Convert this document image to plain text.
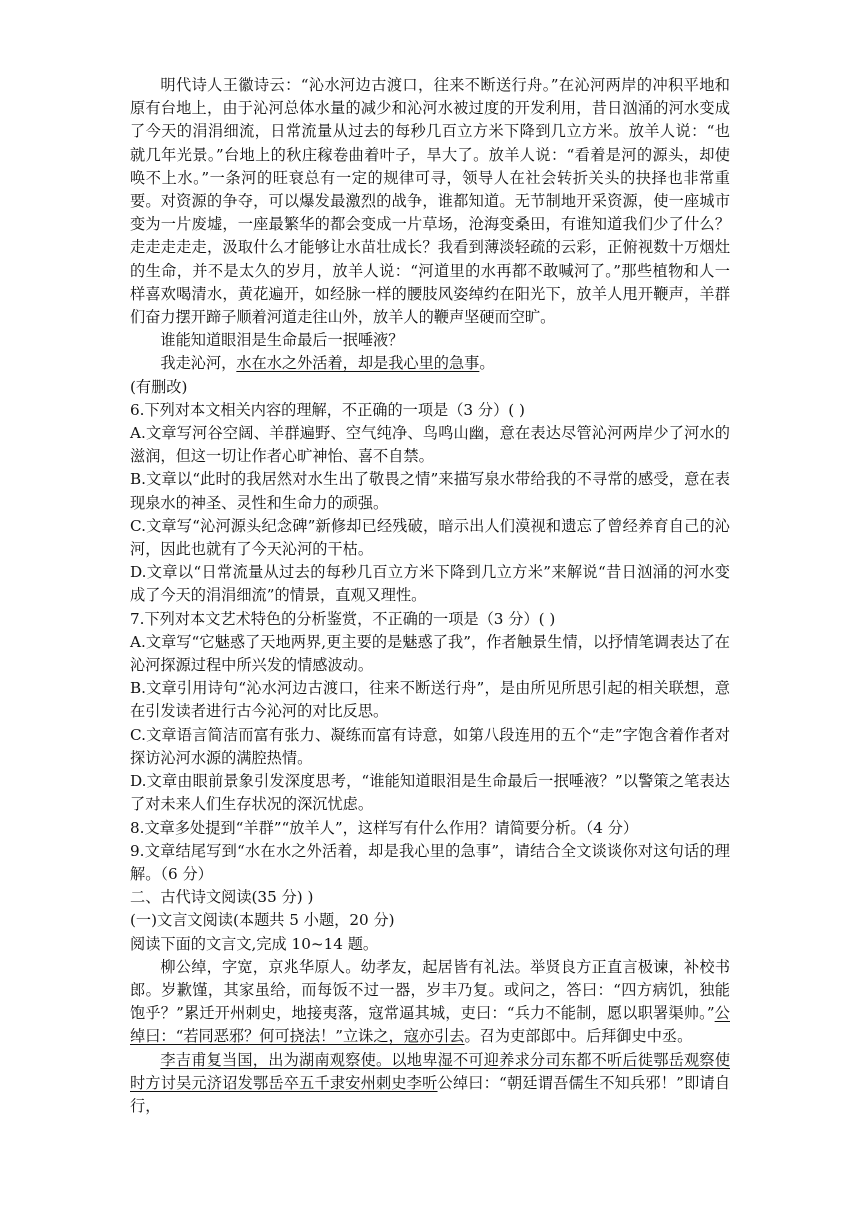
明代诗人王徽诗云：“沁水河边古渡口，往来不断送行舟。”在沁河两岸的冲积平地和原有台地上，由于沁河总体水量的减少和沁河水被过度的开发利用，昔日汹涌的河水变成了今天的涓涓细流，日常流量从过去的每秒几百立方米下降到几立方米。放羊人说：“也就几年光景。”台地上的秋庄稼卷曲着叶子，旱大了。放羊人说：“看着是河的源头，却使唤不上水。”一条河的旺衰总有一定的规律可寻，领导人在社会转折关头的抉择也非常重要。对资源的争夺，可以爆发最激烈的战争，谁都知道。无节制地开采资源，使一座城市变为一片废墟，一座最繁华的都会变成一片草场，沧海变桑田，有谁知道我们少了什么？走走走走走，汲取什么才能够让水苗壮成长？我看到薄淡轻疏的云彩，正俯视数十万烟灶的生命，并不是太久的岁月，放羊人说：“河道里的水再都不敢喊河了。”那些植物和人一样喜欢喝清水，黄花遍开，如经脉一样的腰肢风姿绰约在阳光下，放羊人甩开鞭声，羊群们奋力摆开蹄子顺着河道走往山外，放羊人的鞭声坚硬而空旷。

谁能知道眼泪是生命最后一抿唾液？

我走沁河，水在水之外活着，却是我心里的急事。

(有删改)

6.下列对本文相关内容的理解，不正确的一项是（3 分）( )

A.文章写河谷空阔、羊群遍野、空气纯净、鸟鸣山幽，意在表达尽管沁河两岸少了河水的滋润，但这一切让作者心旷神怡、喜不自禁。

B.文章以“此时的我居然对水生出了敬畏之情”来描写泉水带给我的不寻常的感受，意在表现泉水的神圣、灵性和生命力的顽强。

C.文章写“沁河源头纪念碑”新修却已经残破，暗示出人们漠视和遗忘了曾经养育自己的沁河，因此也就有了今天沁河的干枯。

D.文章以“日常流量从过去的每秒几百立方米下降到几立方米”来解说“昔日汹涌的河水变成了今天的涓涓细流”的情景，直观又理性。

7.下列对本文艺术特色的分析鉴赏，不正确的一项是（3 分）( )

A.文章写“它魅惑了天地两界,更主要的是魅惑了我”，作者触景生情，以抒情笔调表达了在沁河探源过程中所兴发的情感波动。

B.文章引用诗句“沁水河边古渡口，往来不断送行舟”，是由所见所思引起的相关联想，意在引发读者进行古今沁河的对比反思。

C.文章语言简洁而富有张力、凝练而富有诗意，如第八段连用的五个“走”字饱含着作者对探访沁河水源的满腔热情。

D.文章由眼前景象引发深度思考，“谁能知道眼泪是生命最后一抿唾液？”以警策之笔表达了对未来人们生存状况的深沉忧虑。

8.文章多处提到“羊群”“放羊人”，这样写有什么作用？请简要分析。（4 分）

9.文章结尾写到“水在水之外活着，却是我心里的急事”，请结合全文谈谈你对这句话的理解。（6 分）

二、古代诗文阅读(35 分) )

(一)文言文阅读(本题共 5 小题，20 分)

阅读下面的文言文,完成 10~14 题。

柳公绰，字宽，京兆华原人。幼孝友，起居皆有礼法。举贤良方正直言极谏，补校书郎。岁歉馑，其家虽给，而每饭不过一器，岁丰乃复。或问之，答曰：“四方病饥，独能饱乎？”累迁开州刺史，地接夷落，寇常逼其城，吏曰：“兵力不能制，愿以职署渠帅。”公绰曰：“若同恶邪？何可挠法！”立诛之，寇亦引去。召为吏部郎中。后拜御史中丞。

李吉甫复当国，出为湖南观察使。以地卑湿不可迎养求分司东都不听后徙鄂岳观察使时方讨吴元济诏发鄂岳卒五千隶安州刺史李听公绰曰：“朝廷谓吾儒生不知兵邪！”即请自行，
